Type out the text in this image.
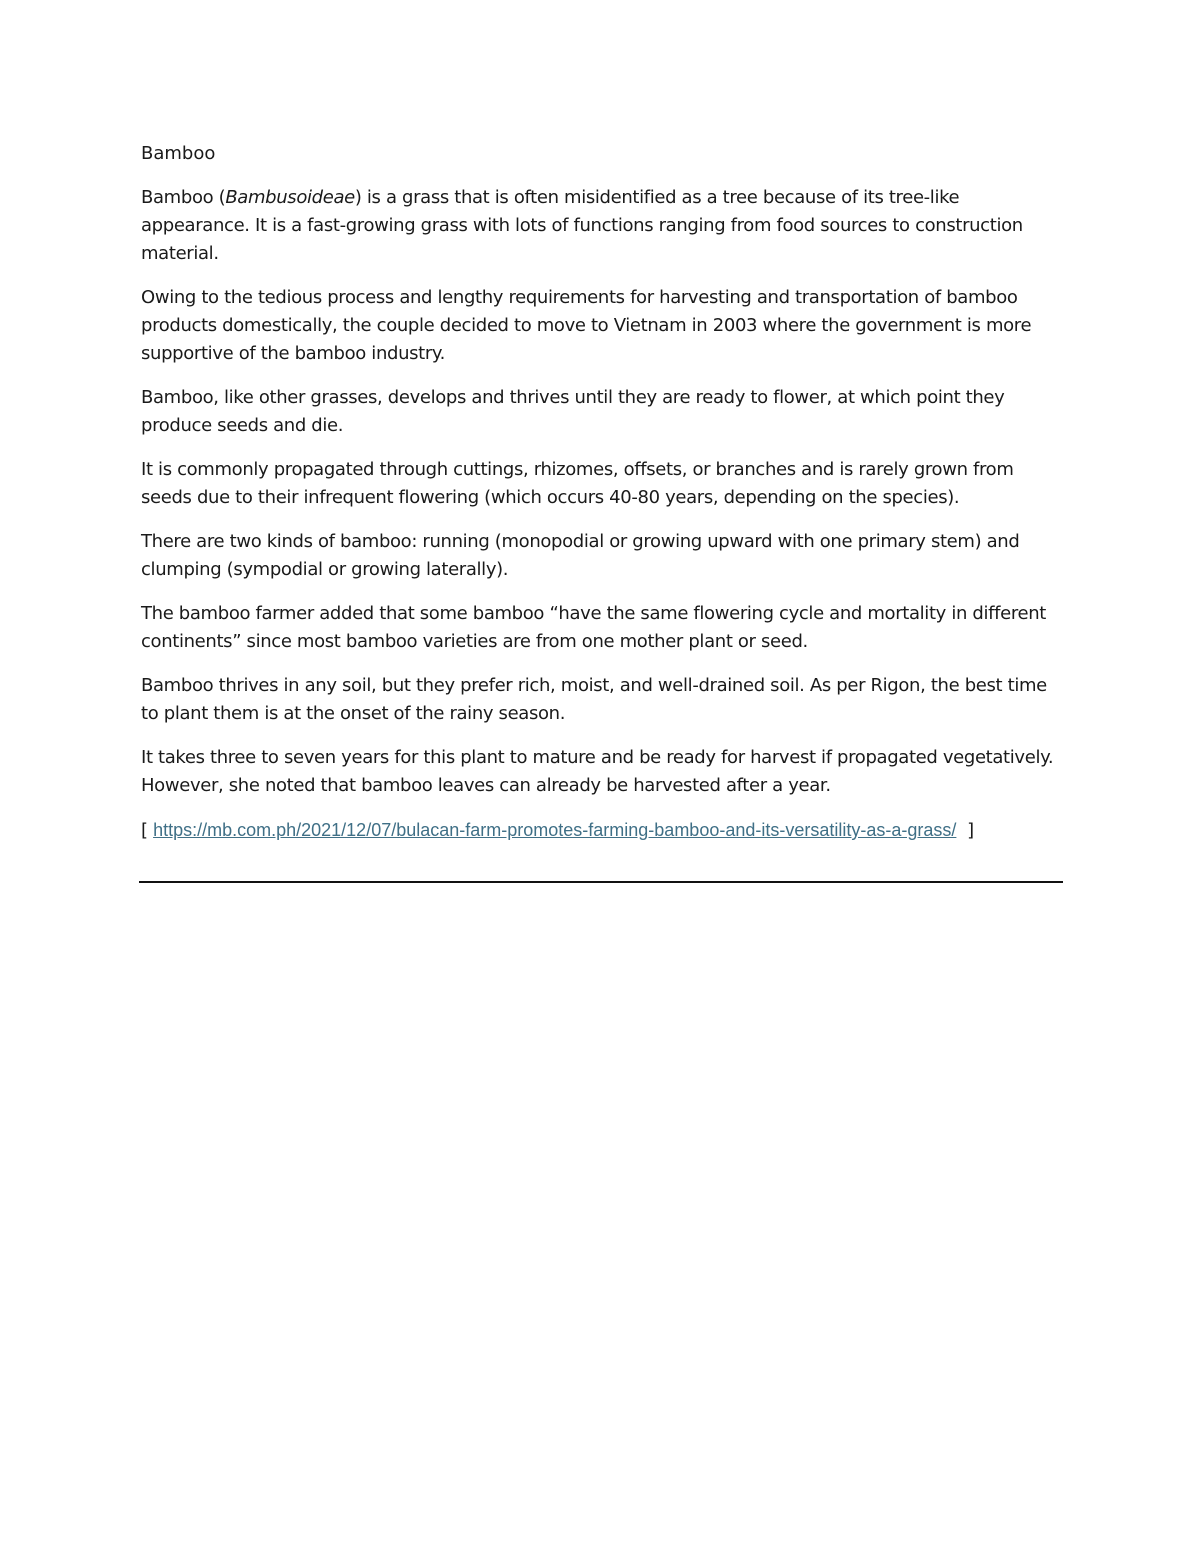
Bamboo

Bamboo (Bambusoideae) is a grass that is often misidentified as a tree because of its tree-like appearance. It is a fast-growing grass with lots of functions ranging from food sources to construction material.

Owing to the tedious process and lengthy requirements for harvesting and transportation of bamboo products domestically, the couple decided to move to Vietnam in 2003 where the government is more supportive of the bamboo industry.

Bamboo, like other grasses, develops and thrives until they are ready to flower, at which point they produce seeds and die.

It is commonly propagated through cuttings, rhizomes, offsets, or branches and is rarely grown from seeds due to their infrequent flowering (which occurs 40-80 years, depending on the species).

There are two kinds of bamboo: running (monopodial or growing upward with one primary stem) and clumping (sympodial or growing laterally).

The bamboo farmer added that some bamboo “have the same flowering cycle and mortality in different continents” since most bamboo varieties are from one mother plant or seed.

Bamboo thrives in any soil, but they prefer rich, moist, and well-drained soil. As per Rigon, the best time to plant them is at the onset of the rainy season.

It takes three to seven years for this plant to mature and be ready for harvest if propagated vegetatively. However, she noted that bamboo leaves can already be harvested after a year.

[ https://mb.com.ph/2021/12/07/bulacan-farm-promotes-farming-bamboo-and-its-versatility-as-a-grass/ ]
